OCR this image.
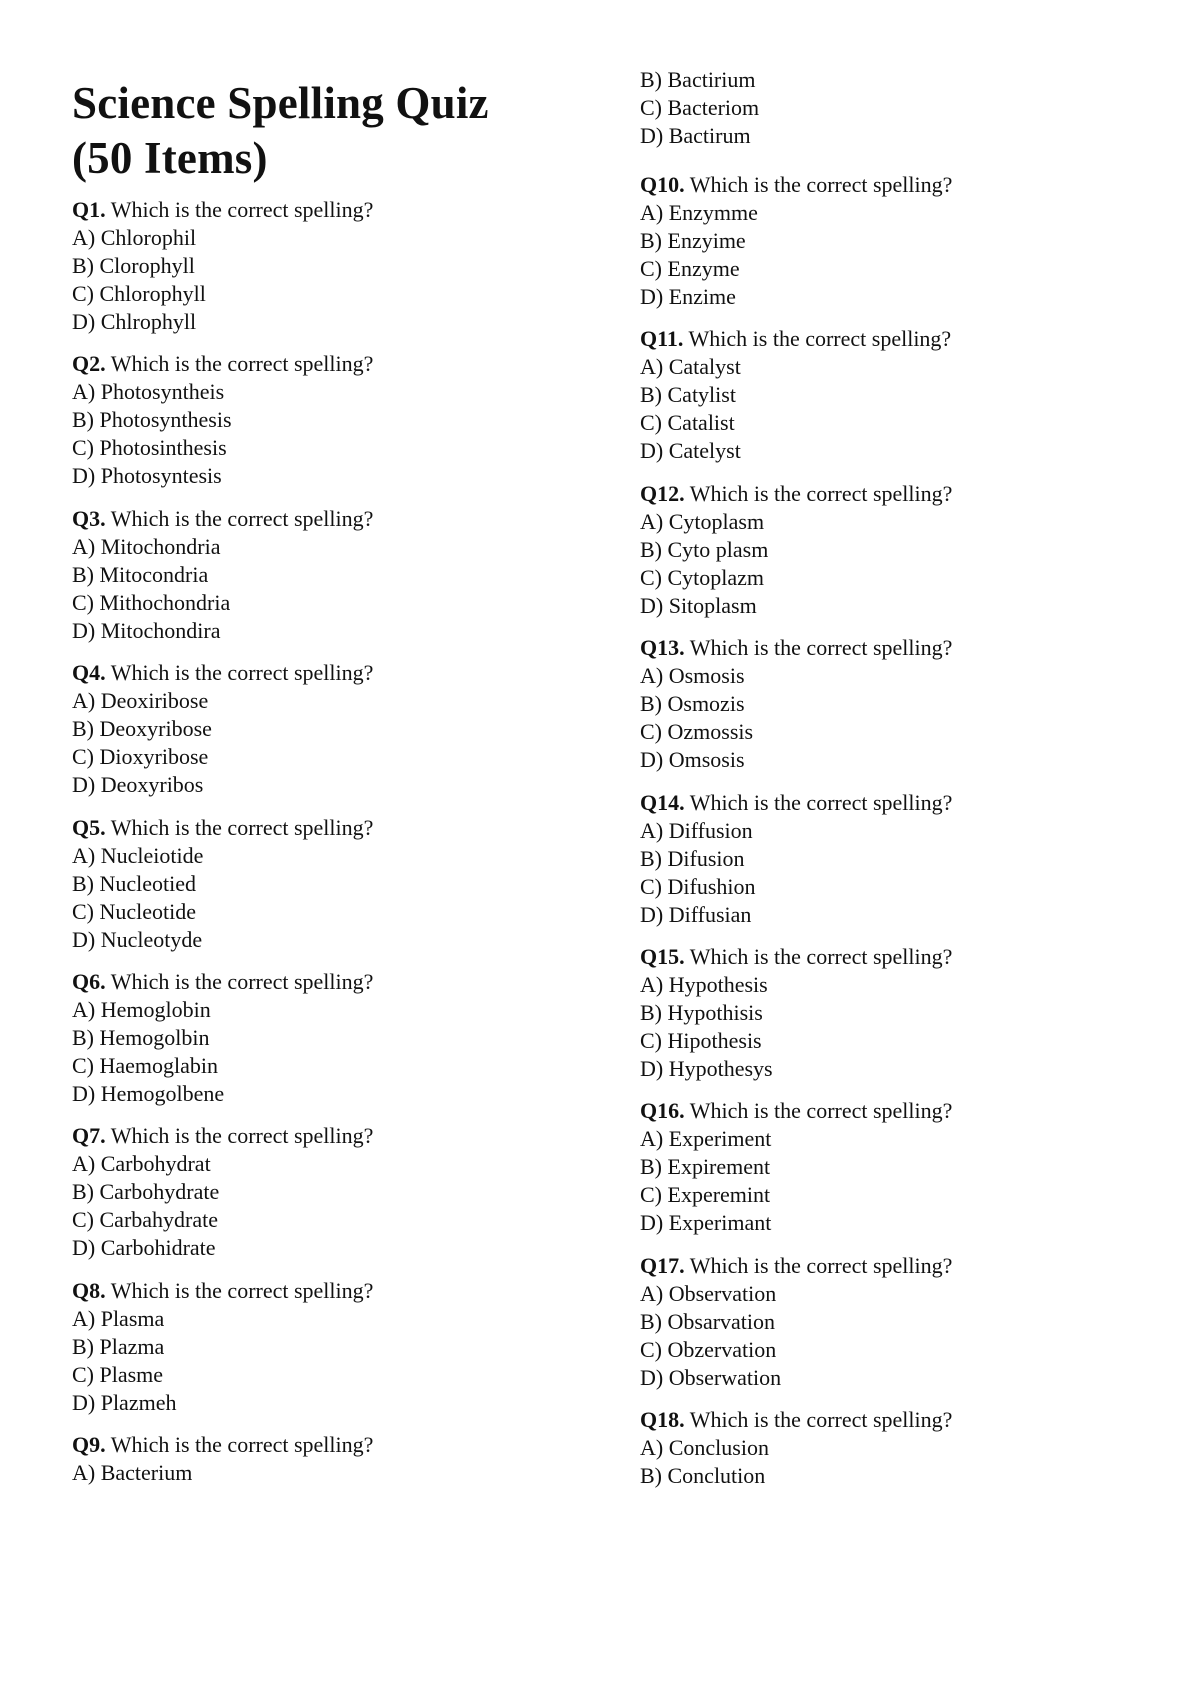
Science Spelling Quiz
(50 Items)
Q1. Which is the correct spelling?
A) Chlorophil
B) Clorophyll
C) Chlorophyll
D) Chlrophyll
Q2. Which is the correct spelling?
A) Photosyntheis
B) Photosynthesis
C) Photosinthesis
D) Photosyntesis
Q3. Which is the correct spelling?
A) Mitochondria
B) Mitocondria
C) Mithochondria
D) Mitochondira
Q4. Which is the correct spelling?
A) Deoxiribose
B) Deoxyribose
C) Dioxyribose
D) Deoxyribos
Q5. Which is the correct spelling?
A) Nucleiotide
B) Nucleotied
C) Nucleotide
D) Nucleotyde
Q6. Which is the correct spelling?
A) Hemoglobin
B) Hemogolbin
C) Haemoglabin
D) Hemogolbene
Q7. Which is the correct spelling?
A) Carbohydrat
B) Carbohydrate
C) Carbahydrate
D) Carbohidrate
Q8. Which is the correct spelling?
A) Plasma
B) Plazma
C) Plasme
D) Plazmeh
Q9. Which is the correct spelling?
A) Bacterium
B) Bactirium
C) Bacteriom
D) Bactirum
Q10. Which is the correct spelling?
A) Enzymme
B) Enzyime
C) Enzyme
D) Enzime
Q11. Which is the correct spelling?
A) Catalyst
B) Catylist
C) Catalist
D) Catelyst
Q12. Which is the correct spelling?
A) Cytoplasm
B) Cyto plasm
C) Cytoplazm
D) Sitoplasm
Q13. Which is the correct spelling?
A) Osmosis
B) Osmozis
C) Ozmossis
D) Omsosis
Q14. Which is the correct spelling?
A) Diffusion
B) Difusion
C) Difushion
D) Diffusian
Q15. Which is the correct spelling?
A) Hypothesis
B) Hypothisis
C) Hipothesis
D) Hypothesys
Q16. Which is the correct spelling?
A) Experiment
B) Expirement
C) Experemint
D) Experimant
Q17. Which is the correct spelling?
A) Observation
B) Obsarvation
C) Obzervation
D) Obserwation
Q18. Which is the correct spelling?
A) Conclusion
B) Conclution
